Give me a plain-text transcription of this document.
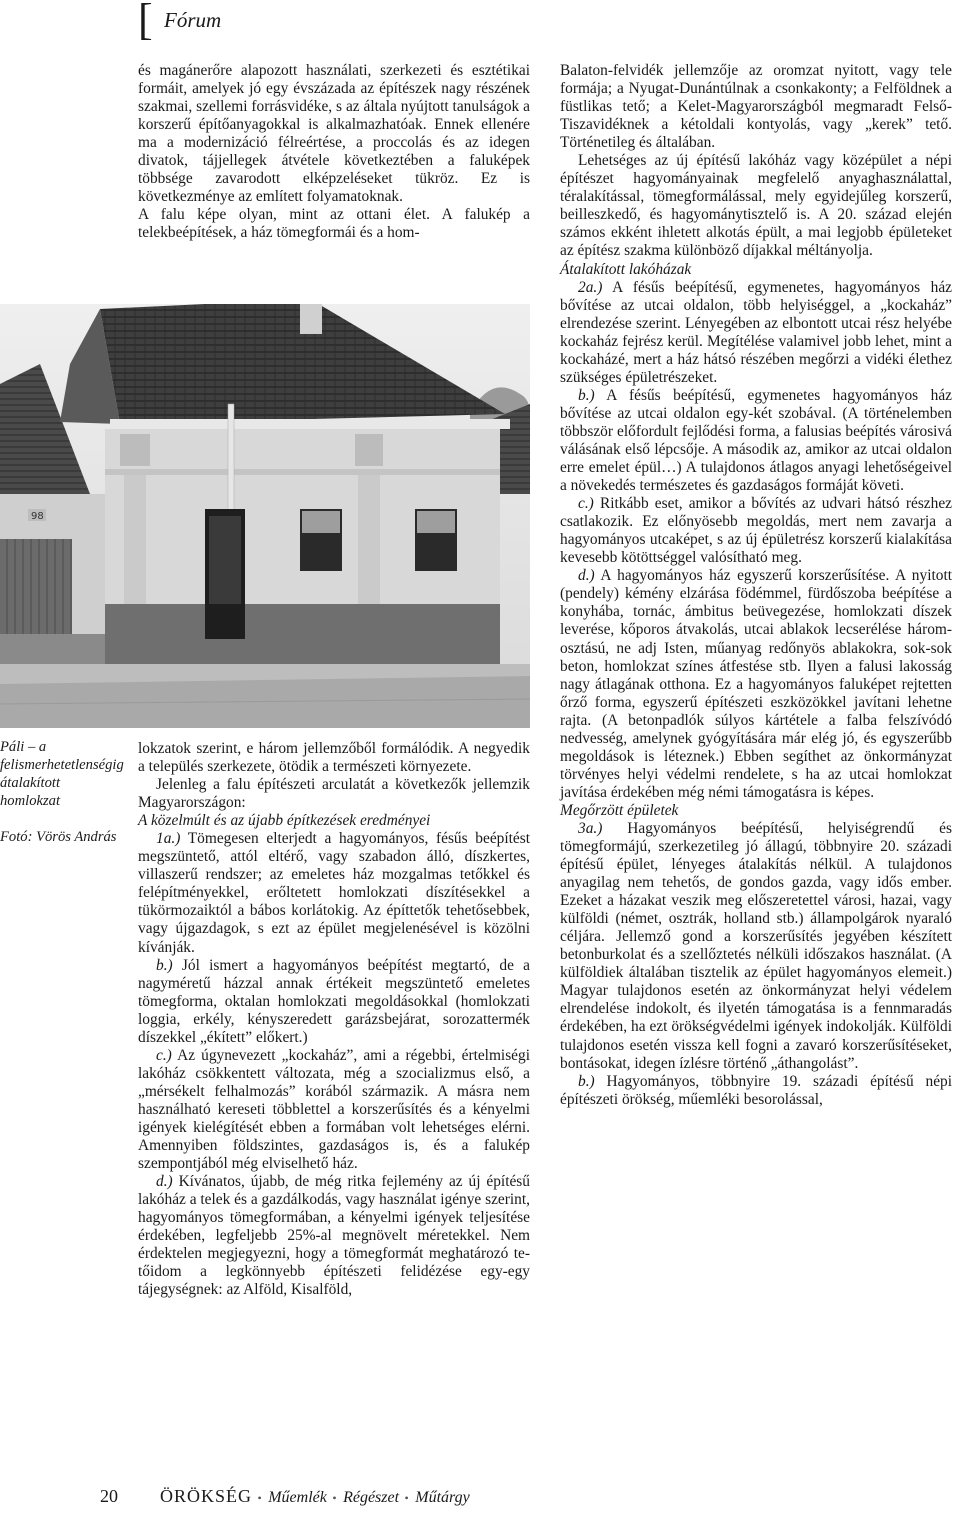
[ Fórum

és magánerőre alapozott használati, szerkezeti és esztétikai formáit, amelyek jó egy évszázada az építészek nagy részének szakmai, szellemi forrásvidéke, s az általa nyújtott tanulságok a korszerű építőanyagokkal is alkalmazhatóak. Ennek ellenére ma a modernizáció félreértése, a proccolás és az idegen divatok, tájjellegek átvétele következtében a faluképek többsége zavarodott elképzeléseket tükröz. Ez is következménye az említett folyamatoknak.

A falu képe olyan, mint az ottani élet. A falukép a telekbeépítések, a ház tömegformái és a hom-

98

Páli – a felismerhetetlenségig átalakított homlokzat

Fotó: Vörös András

lokzatok szerint, e három jellemzőből formálódik. A negyedik a település szerkezete, ötödik a természeti környezete.

Jelenleg a falu építészeti arculatát a következők jellemzik Magyarországon:

A közelmúlt és az újabb építkezések eredményei

1a.) Tömegesen elterjedt a hagyományos, fésűs beépítést megszüntető, attól eltérő, vagy szabadon álló, díszkertes, villaszerű rendszer; az emeletes ház mozgalmas tetőkkel és felépítményekkel, erőltetett homlokzati díszítésekkel a tükörmozaiktól a bábos korlátokig. Az építtetők tehetősebbek, vagy újgazdagok, s ezt az épület megjelenésével is közölni kívánják.

b.) Jól ismert a hagyományos beépítést megtartó, de a nagyméretű házzal annak értékeit megszüntető emeletes tömegforma, oktalan homlokzati megoldásokkal (homlokzati loggia, erkély, kényszeredett garázsbejárat, sorozattermék díszekkel „ékített” előkert.)

c.) Az úgynevezett „kockaház”, ami a régebbi, értelmiségi lakóház csökkentett változata, még a szocializmus első, a „mérsékelt felhalmozás” korából származik. A másra nem használható kereseti többlettel a korszerűsítés és a kényelmi igények kielégítését ebben a formában volt lehetséges elérni. Amennyiben földszintes, gazdaságos is, és a falukép szempontjából még elviselhető ház.

d.) Kívánatos, újabb, de még ritka fejlemény az új építésű lakóház a telek és a gazdálkodás, vagy használat igénye szerint, hagyományos tömegformában, a kényelmi igények teljesítése érdekében, legfeljebb 25%-al megnövelt méretekkel. Nem érdektelen megjegyezni, hogy a tömegformát meghatározó te-tőidom a legkönnyebb építészeti felidézése egy-egy tájegységnek: az Alföld, Kisalföld,

Balaton-felvidék jellemzője az oromzat nyitott, vagy tele formája; a Nyugat-Dunántúlnak a csonkakonty; a Felföldnek a füstlikas tető; a Kelet-Magyarországból megmaradt Felső-Tiszavidéknek a kétoldali kontyolás, vagy „kerek” tető. Történetileg és általában.

Lehetséges az új építésű lakóház vagy középület a népi építészet hagyományainak megfelelő anyaghasználattal, téralakítással, tömegformálással, mely egyidejűleg korszerű, beilleszkedő, és hagyománytisztelő is. A 20. század elején számos ekként ihletett alkotás épült, a mai legjobb épületeket az építész szakma különböző díjakkal méltányolja.

Átalakított lakóházak

2a.) A fésűs beépítésű, egymenetes, hagyományos ház bővítése az utcai oldalon, több helyiséggel, a „kockaház” elrendezése szerint. Lényegében az elbontott utcai rész helyébe kockaház fejrész kerül. Megítélése valamivel jobb lehet, mint a kockaházé, mert a ház hátsó részében megőrzi a vidéki élethez szükséges épületrészeket.

b.) A fésűs beépítésű, egymenetes hagyományos ház bővítése az utcai oldalon egy-két szobával. (A történelemben többször előfordult fejlődési forma, a falusias beépítés városivá válásának első lépcsője. A második az, amikor az utcai oldalon erre emelet épül…) A tulajdonos átlagos anyagi lehetőségeivel a növekedés természetes és gazdaságos formáját követi.

c.) Ritkább eset, amikor a bővítés az udvari hátsó részhez csatlakozik. Ez előnyösebb megoldás, mert nem zavarja a hagyományos utcaképet, s az új épületrész korszerű kialakítása kevesebb kötöttséggel valósítható meg.

d.) A hagyományos ház egyszerű korszerűsítése. A nyitott (pendely) kémény elzárása födémmel, fürdőszoba beépítése a konyhába, tornác, ámbitus beüvegezése, homlokzati díszek leverése, kőporos átvakolás, utcai ablakok lecserélése három-osztású, ne adj Isten, műanyag redőnyös ablakokra, sok-sok beton, homlokzat színes átfestése stb. Ilyen a falusi lakosság nagy átlagának otthona. Ez a hagyományos faluképet rejtetten őrző forma, egyszerű építészeti eszközökkel javítani lehetne rajta. (A betonpadlók súlyos kártétele a falba felszívódó nedvesség, amelynek gyógyítására már elég jó, és egyszerűbb megoldások is léteznek.) Ebben segíthet az önkormányzat törvényes helyi védelmi rendelete, s ha az utcai homlokzat javítása érdekében még némi támogatásra is képes.

Megőrzött épületek

3a.) Hagyományos beépítésű, helyiségrendű és tömegformájú, szerkezetileg jó állagú, többnyire 20. századi építésű épület, lényeges átalakítás nélkül. A tulajdonos anyagilag nem tehetős, de gondos gazda, vagy idős ember. Ezeket a házakat veszik meg előszeretettel városi, hazai, vagy külföldi (német, osztrák, holland stb.) állampolgárok nyaraló céljára. Jellemző gond a korszerűsítés jegyében készített betonburkolat és a szellőztetés nélküli időszakos használat. (A külföldiek általában tisztelik az épület hagyományos elemeit.) Magyar tulajdonos esetén az önkormányzat helyi védelem elrendelése indokolt, és ilyetén támogatása is a fennmaradás érdekében, ha ezt örökségvédelmi igények indokolják. Külföldi tulajdonos esetén vissza kell fogni a zavaró korszerűsítéseket, bontásokat, idegen ízlésre történő „áthangolást”.

b.) Hagyományos, többnyire 19. századi építésű népi építészeti örökség, műemléki besorolással,

20 ÖRÖKSÉG • Műemlék • Régészet • Műtárgy
